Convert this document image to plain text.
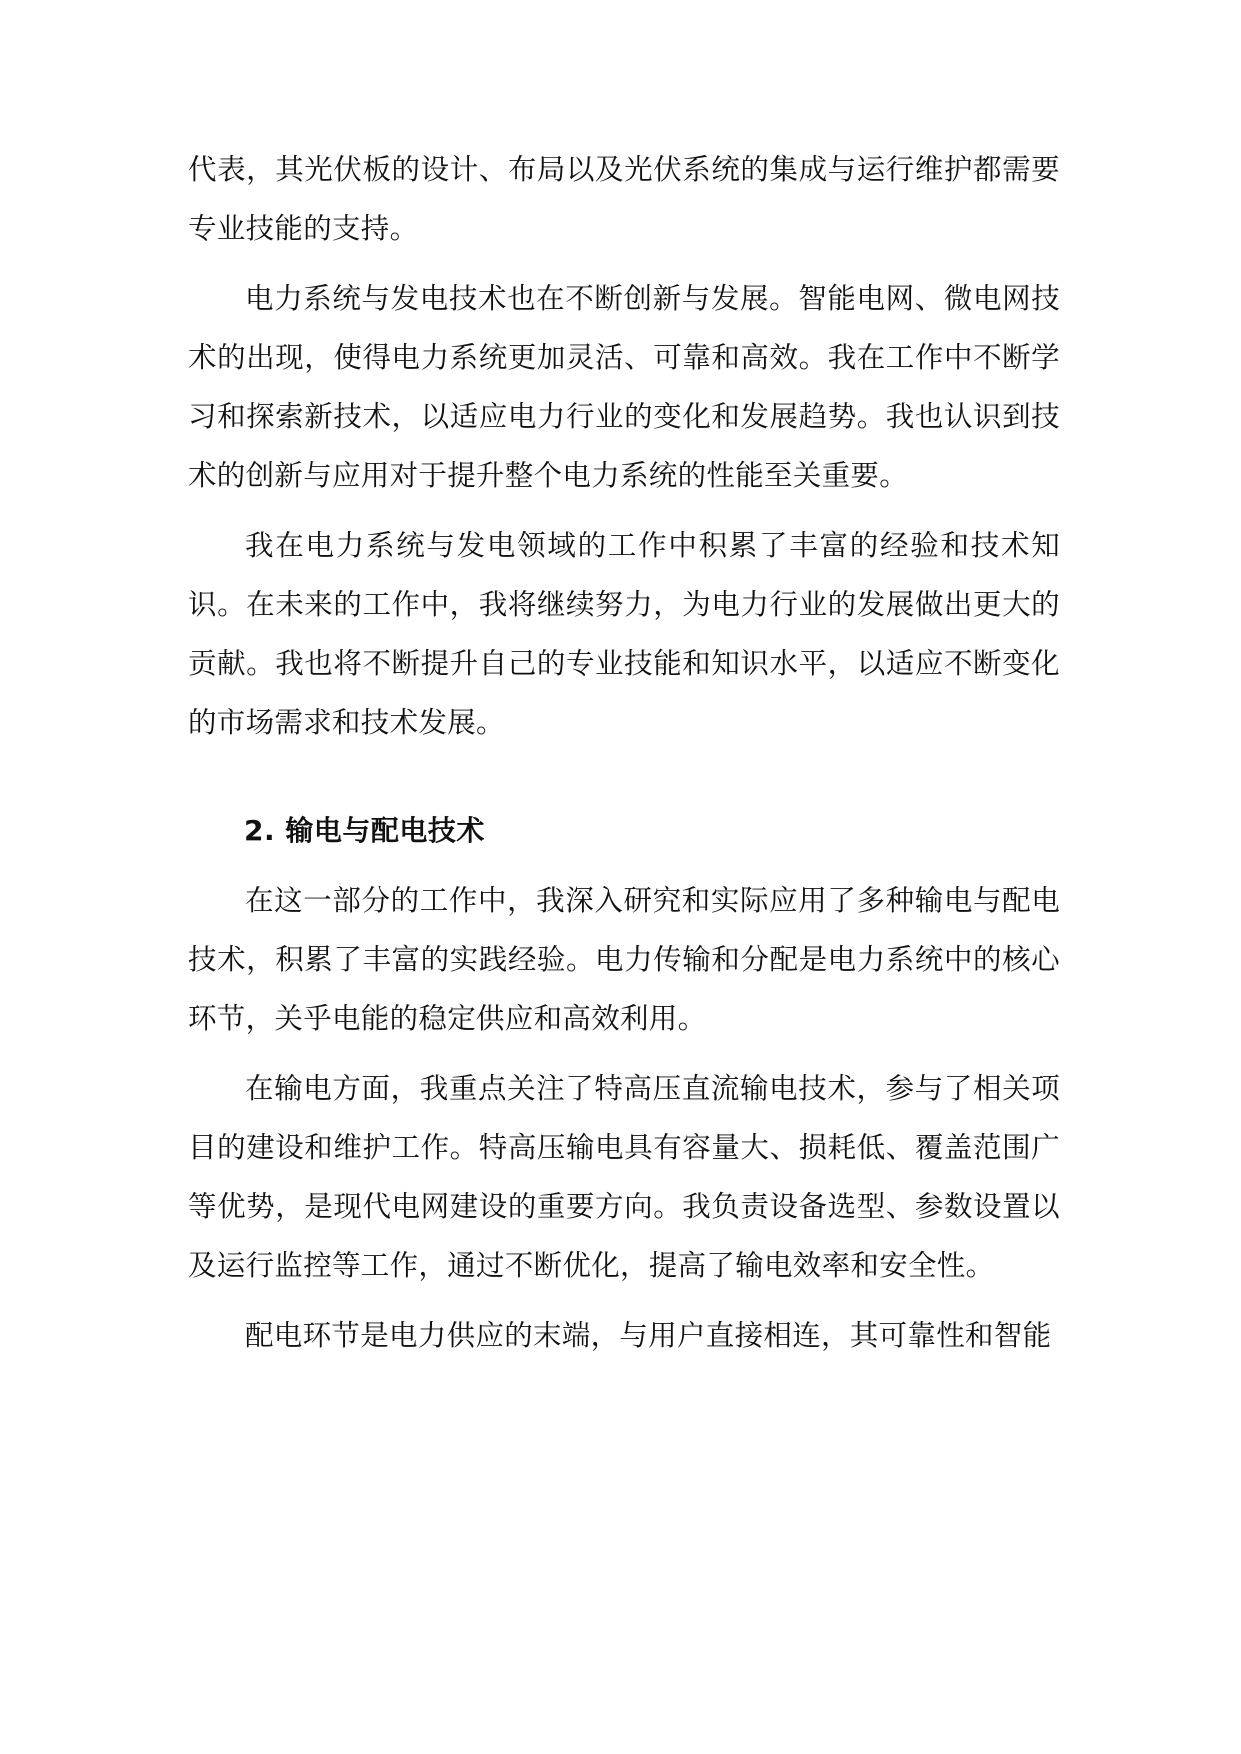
代表，其光伏板的设计、布局以及光伏系统的集成与运行维护都需要专业技能的支持。

电力系统与发电技术也在不断创新与发展。智能电网、微电网技术的出现，使得电力系统更加灵活、可靠和高效。我在工作中不断学习和探索新技术，以适应电力行业的变化和发展趋势。我也认识到技术的创新与应用对于提升整个电力系统的性能至关重要。

我在电力系统与发电领域的工作中积累了丰富的经验和技术知识。在未来的工作中，我将继续努力，为电力行业的发展做出更大的贡献。我也将不断提升自己的专业技能和知识水平，以适应不断变化的市场需求和技术发展。

2. 输电与配电技术

在这一部分的工作中，我深入研究和实际应用了多种输电与配电技术，积累了丰富的实践经验。电力传输和分配是电力系统中的核心环节，关乎电能的稳定供应和高效利用。

在输电方面，我重点关注了特高压直流输电技术，参与了相关项目的建设和维护工作。特高压输电具有容量大、损耗低、覆盖范围广等优势，是现代电网建设的重要方向。我负责设备选型、参数设置以及运行监控等工作，通过不断优化，提高了输电效率和安全性。

配电环节是电力供应的末端，与用户直接相连，其可靠性和智能
